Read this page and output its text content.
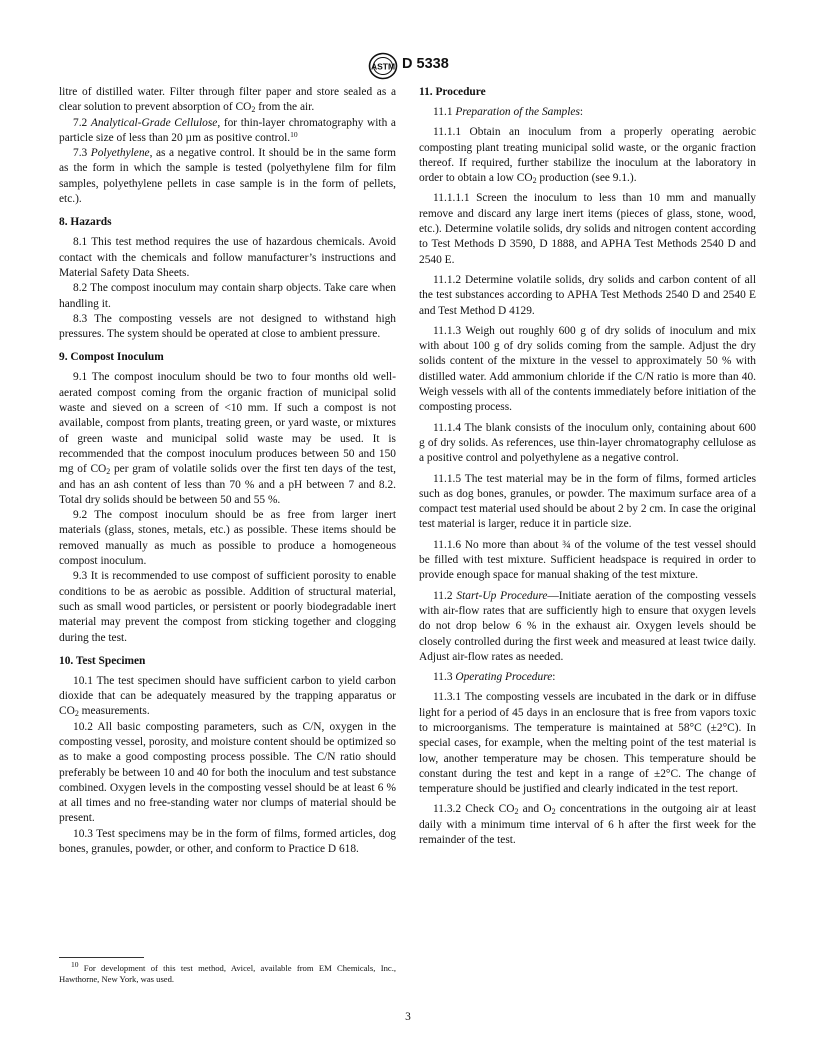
ASTM D 5338

litre of distilled water. Filter through filter paper and store sealed as a clear solution to prevent absorption of $CO_2$ from the air.

7.2 Analytical-Grade Cellulose, for thin-layer chromatography with a particle size of less than 20 µm as positive control.$^{10}$

7.3 Polyethylene, as a negative control. It should be in the same form as the form in which the sample is tested (polyethylene film for film samples, polyethylene pellets in case sample is in the form of pellets, etc.).

8. Hazards

8.1 This test method requires the use of hazardous chemicals. Avoid contact with the chemicals and follow manufacturer’s instructions and Material Safety Data Sheets.

8.2 The compost inoculum may contain sharp objects. Take care when handling it.

8.3 The composting vessels are not designed to withstand high pressures. The system should be operated at close to ambient pressure.

9. Compost Inoculum

9.1 The compost inoculum should be two to four months old well-aerated compost coming from the organic fraction of municipal solid waste and sieved on a screen of <10 mm. If such a compost is not available, compost from plants, treating green, or yard waste, or mixtures of green waste and municipal solid waste may be used. It is recommended that the compost inoculum produces between 50 and 150 mg of $CO_2$ per gram of volatile solids over the first ten days of the test, and has an ash content of less than 70 % and a pH between 7 and 8.2. Total dry solids should be between 50 and 55 %.

9.2 The compost inoculum should be as free from larger inert materials (glass, stones, metals, etc.) as possible. These items should be removed manually as much as possible to produce a homogeneous compost inoculum.

9.3 It is recommended to use compost of sufficient porosity to enable conditions to be as aerobic as possible. Addition of structural material, such as small wood particles, or persistent or poorly biodegradable inert material may prevent the compost from sticking together and clogging during the test.

10. Test Specimen

10.1 The test specimen should have sufficient carbon to yield carbon dioxide that can be adequately measured by the trapping apparatus or $CO_2$ measurements.

10.2 All basic composting parameters, such as C/N, oxygen in the composting vessel, porosity, and moisture content should be optimized so as to make a good composting process possible. The C/N ratio should preferably be between 10 and 40 for both the inoculum and test substance combined. Oxygen levels in the composting vessel should be at least 6 % at all times and no free-standing water nor clumps of material should be present.

10.3 Test specimens may be in the form of films, formed articles, dog bones, granules, powder, or other, and conform to Practice D 618.

$^{10}$ For development of this test method, Avicel, available from EM Chemicals, Inc., Hawthorne, New York, was used.
11. Procedure

11.1 Preparation of the Samples:

11.1.1 Obtain an inoculum from a properly operating aerobic composting plant treating municipal solid waste, or the organic fraction thereof. If required, further stabilize the inoculum at the laboratory in order to obtain a low $CO_2$ production (see 9.1.).

11.1.1.1 Screen the inoculum to less than 10 mm and manually remove and discard any large inert items (pieces of glass, stone, wood, etc.). Determine volatile solids, dry solids and nitrogen content according to Test Methods D 3590, D 1888, and APHA Test Methods 2540 D and 2540 E.

11.1.2 Determine volatile solids, dry solids and carbon content of all the test substances according to APHA Test Methods 2540 D and 2540 E and Test Method D 4129.

11.1.3 Weigh out roughly 600 g of dry solids of inoculum and mix with about 100 g of dry solids coming from the sample. Adjust the dry solids content of the mixture in the vessel to approximately 50 % with distilled water. Add ammonium chloride if the C/N ratio is more than 40. Weigh vessels with all of the contents immediately before initiation of the composting process.

11.1.4 The blank consists of the inoculum only, containing about 600 g of dry solids. As references, use thin-layer chromatography cellulose as a positive control and polyethylene as a negative control.

11.1.5 The test material may be in the form of films, formed articles such as dog bones, granules, or powder. The maximum surface area of a compact test material used should be about 2 by 2 cm. In case the original test material is larger, reduce it in particle size.

11.1.6 No more than about ¾ of the volume of the test vessel should be filled with test mixture. Sufficient headspace is required in order to provide enough space for manual shaking of the test mixture.

11.2 Start-Up Procedure—Initiate aeration of the composting vessels with air-flow rates that are sufficiently high to ensure that oxygen levels do not drop below 6 % in the exhaust air. Oxygen levels should be closely controlled during the first week and measured at least twice daily. Adjust air-flow rates as needed.

11.3 Operating Procedure:

11.3.1 The composting vessels are incubated in the dark or in diffuse light for a period of 45 days in an enclosure that is free from vapors toxic to microorganisms. The temperature is maintained at 58°C (±2°C). In special cases, for example, when the melting point of the test material is low, another temperature may be chosen. This temperature should be constant during the test and kept in a range of ±2°C. The change of temperature should be justified and clearly indicated in the test report.

11.3.2 Check $CO_2$ and $O_2$ concentrations in the outgoing air at least daily with a minimum time interval of 6 h after the first week for the remainder of the test.

3
